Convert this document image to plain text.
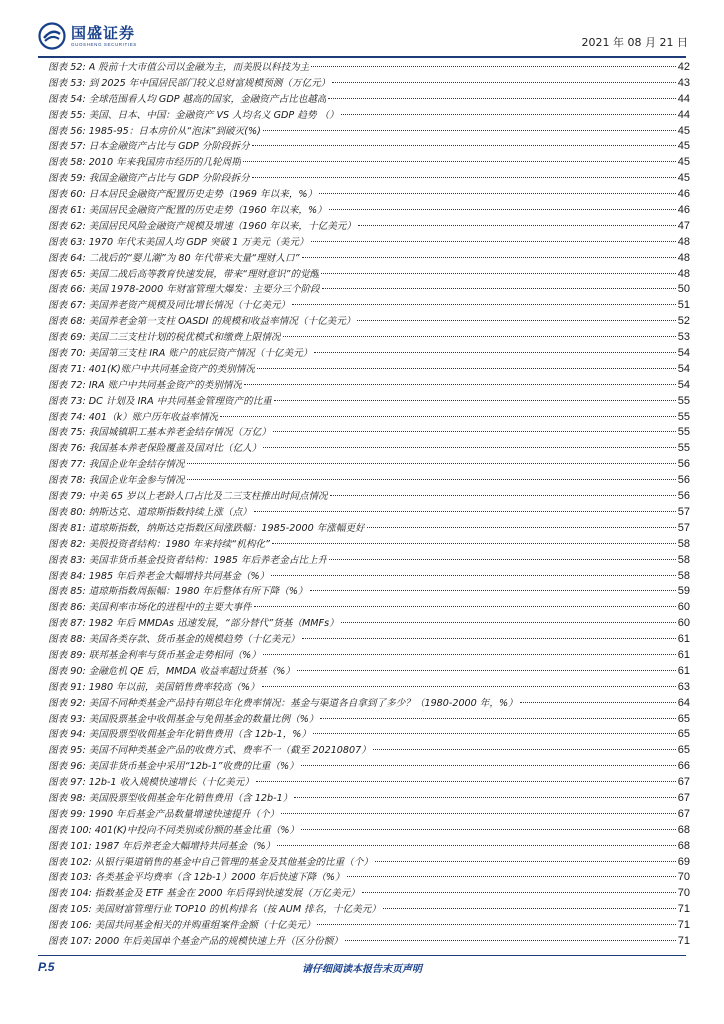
国盛证券
GUOSHENG SECURITIES	2021 年 08 月 21 日
图表 52: A 股前十大市值公司以金融为主，而美股以科技为主	42
图表 53: 到 2025 年中国居民部门较义总财富规模预测（万亿元）	43
图表 54: 全球范围看人均 GDP 越高的国家，金融资产占比也越高	44
图表 55: 美国、日本、中国：金融资产 VS 人均名义 GDP 趋势 （）	44
图表 56: 1985-95：日本房价从“泡沫”到破灭(%)	45
图表 57: 日本金融资产占比与 GDP 分阶段拆分	45
图表 58: 2010 年来我国房市经历的几轮周期	45
图表 59: 我国金融资产占比与 GDP 分阶段拆分	45
图表 60: 日本居民金融资产配置历史走势（1969 年以来，%）	46
图表 61: 美国居民金融资产配置的历史走势（1960 年以来，%）	46
图表 62: 美国居民风险金融资产规模及增速（1960 年以来，十亿美元）	47
图表 63: 1970 年代末美国人均 GDP 突破 1 万美元（美元）	48
图表 64: 二战后的“婴儿潮”为 80 年代带来大量“理财人口”	48
图表 65: 美国二战后高等教育快速发展，带来“理财意识”的觉醒	48
图表 66: 美国 1978-2000 年财富管理大爆发：主要分三个阶段	50
图表 67: 美国养老资产规模及同比增长情况（十亿美元）	51
图表 68: 美国养老金第一支柱 OASDI 的规模和收益率情况（十亿美元）	52
图表 69: 美国二三支柱计划的税优模式和缴费上限情况	53
图表 70: 美国第三支柱 IRA 账户的底层资产情况（十亿美元）	54
图表 71: 401(K)账户中共同基金资产的类别情况	54
图表 72: IRA 账户中共同基金资产的类别情况	54
图表 73: DC 计划及 IRA 中共同基金管理资产的比重	55
图表 74: 401（k）账户历年收益率情况	55
图表 75: 我国城镇职工基本养老金结存情况（万亿）	55
图表 76: 我国基本养老保险覆盖及国对比（亿人）	55
图表 77: 我国企业年金结存情况	56
图表 78: 我国企业年金参与情况	56
图表 79: 中美 65 岁以上老龄人口占比及二三支柱推出时间点情况	56
图表 80: 纳斯达克、道琼斯指数持续上涨（点）	57
图表 81: 道琼斯指数，纳斯达克指数区间涨跌幅：1985-2000 年涨幅更好	57
图表 82: 美股投资者结构：1980 年来持续“机构化”	58
图表 83: 美国非货币基金投资者结构：1985 年后养老金占比上升	58
图表 84: 1985 年后养老金大幅增持共同基金（%）	58
图表 85: 道琼斯指数周振幅：1980 年后整体有所下降（%）	59
图表 86: 美国利率市场化的进程中的主要大事件	60
图表 87: 1982 年后 MMDAs 迅速发展，“部分替代”货基（MMFs）	60
图表 88: 美国各类存款、货币基金的规模趋势（十亿美元）	61
图表 89: 联邦基金利率与货币基金走势相同（%）	61
图表 90: 金融危机 QE 后，MMDA 收益率超过货基（%）	61
图表 91: 1980 年以前，美国销售费率较高（%）	63
图表 92: 美国不同种类基金产品持有期总年化费率情况：基金与渠道各自拿到了多少？（1980-2000 年，%）	64
图表 93: 美国股票基金中收佣基金与免佣基金的数量比例（%）	65
图表 94: 美国股票型收佣基金年化销售费用（含 12b-1，%）	65
图表 95: 美国不同种类基金产品的收费方式、费率不一（截至 20210807）	65
图表 96: 美国非货币基金中采用“12b-1”收费的比重（%）	66
图表 97: 12b-1 收入规模快速增长（十亿美元）	67
图表 98: 美国股票型收佣基金年化销售费用（含 12b-1）	67
图表 99: 1990 年后基金产品数量增速快速提升（个）	67
图表 100: 401(K)中投向不同类别或份额的基金比重（%）	68
图表 101: 1987 年后养老金大幅增持共同基金（%）	68
图表 102: 从银行渠道销售的基金中自己管理的基金及其他基金的比重（个）	69
图表 103: 各类基金平均费率（含 12b-1）2000 年后快速下降（%）	70
图表 104: 指数基金及 ETF 基金在 2000 年后得到快速发展（万亿美元）	70
图表 105: 美国财富管理行业 TOP10 的机构排名（按 AUM 排名，十亿美元）	71
图表 106: 美国共同基金相关的并购重组案件金额（十亿美元）	71
图表 107: 2000 年后美国单个基金产品的规模快速上升（区分份额）	71
P.5	请仔细阅读本报告末页声明
